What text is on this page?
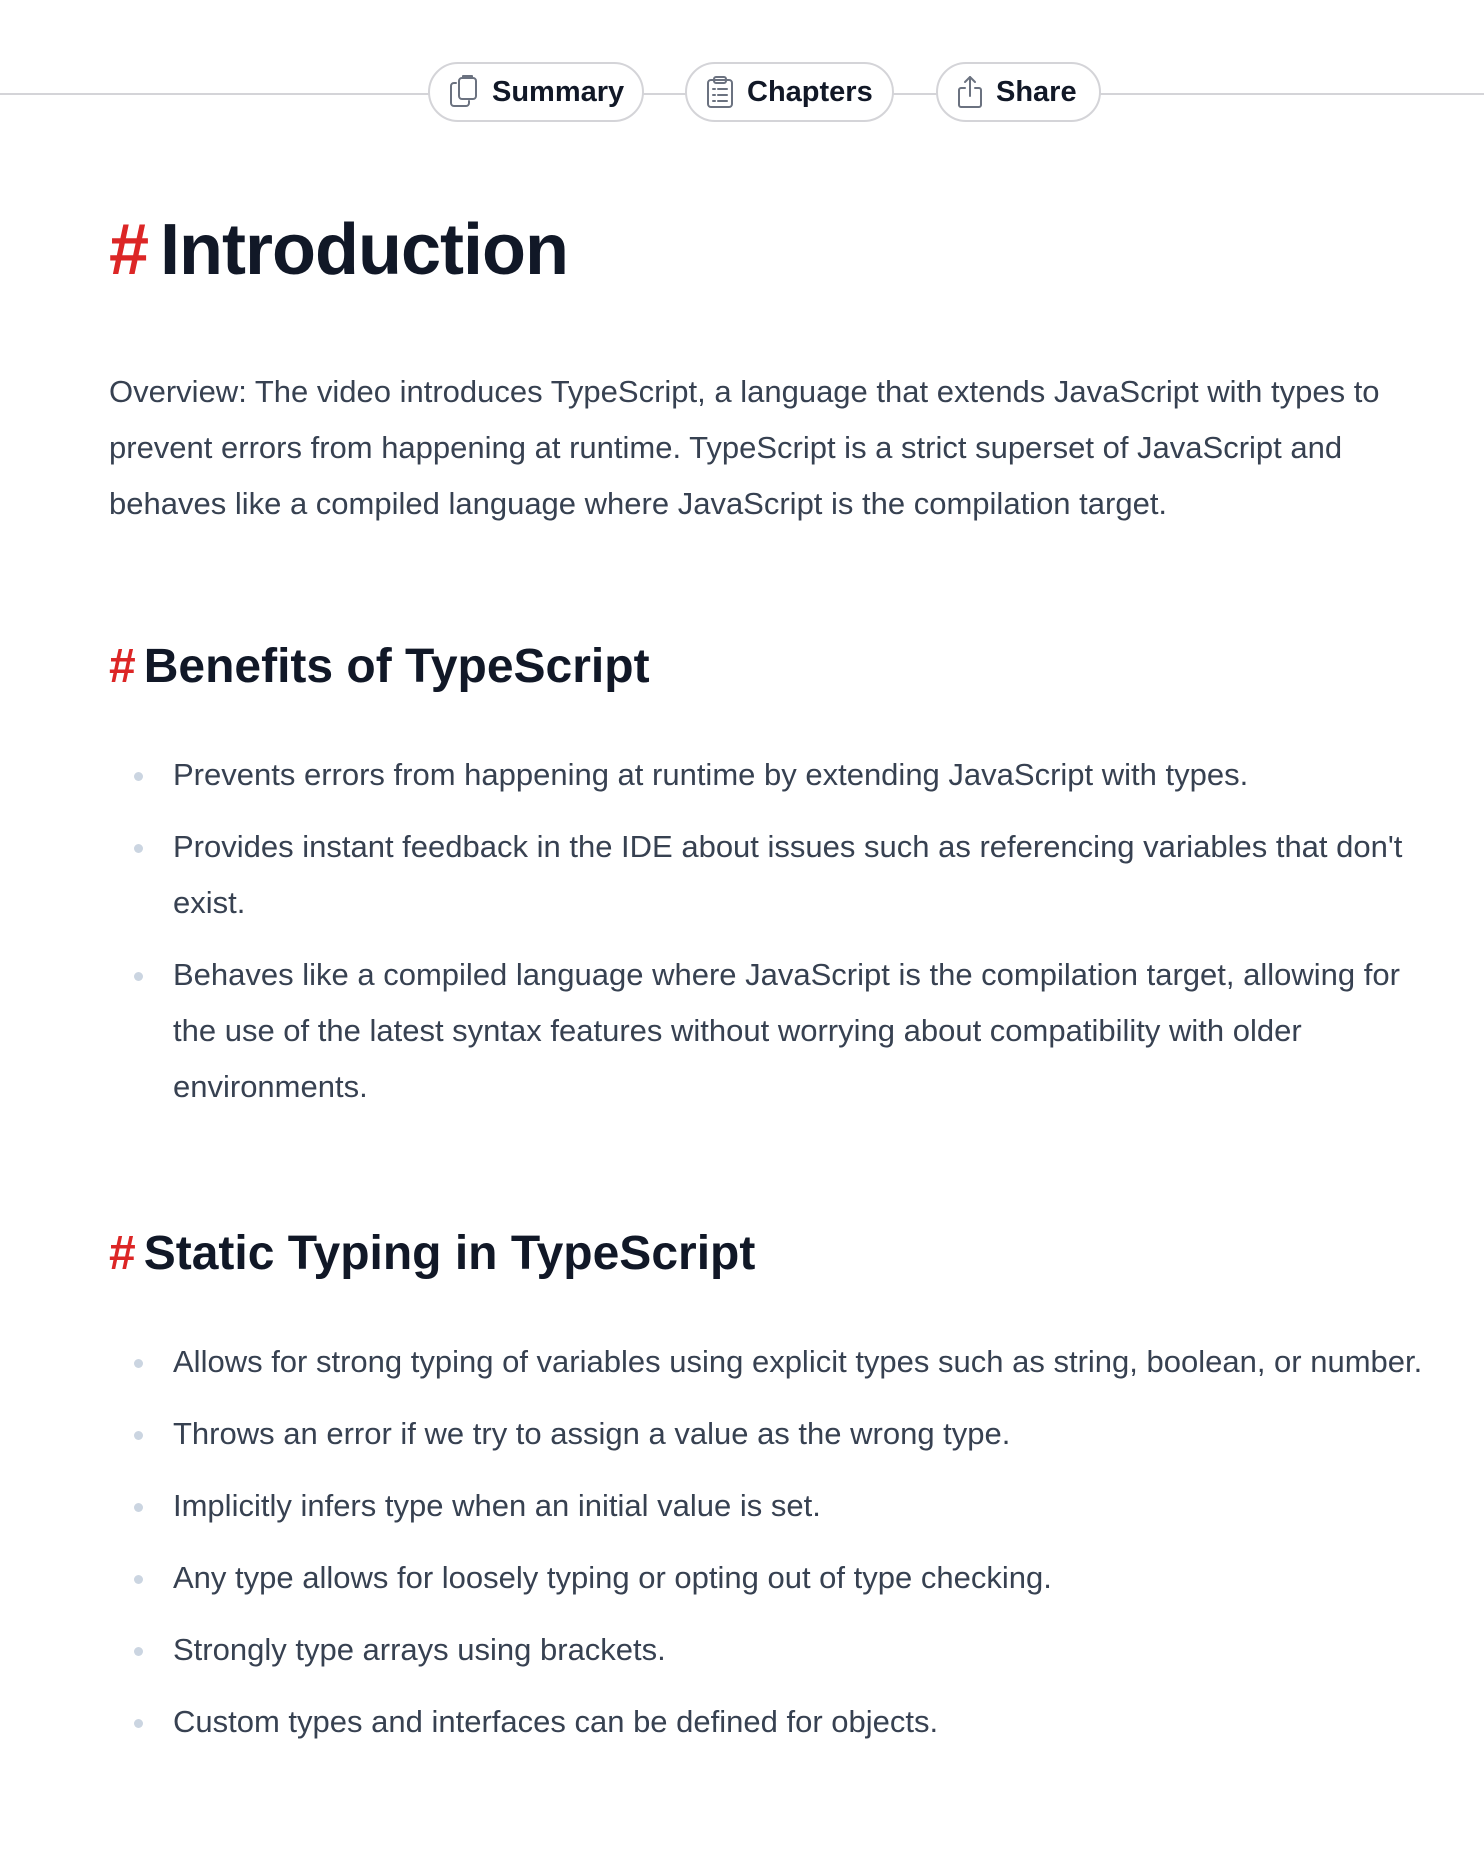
Summary	Chapters	Share
# Introduction

Overview: The video introduces TypeScript, a language that extends JavaScript with types to prevent errors from happening at runtime. TypeScript is a strict superset of JavaScript and behaves like a compiled language where JavaScript is the compilation target.

# Benefits of TypeScript
Prevents errors from happening at runtime by extending JavaScript with types.
Provides instant feedback in the IDE about issues such as referencing variables that don't exist.
Behaves like a compiled language where JavaScript is the compilation target, allowing for the use of the latest syntax features without worrying about compatibility with older environments.
# Static Typing in TypeScript
Allows for strong typing of variables using explicit types such as string, boolean, or number.
Throws an error if we try to assign a value as the wrong type.
Implicitly infers type when an initial value is set.
Any type allows for loosely typing or opting out of type checking.
Strongly type arrays using brackets.
Custom types and interfaces can be defined for objects.
